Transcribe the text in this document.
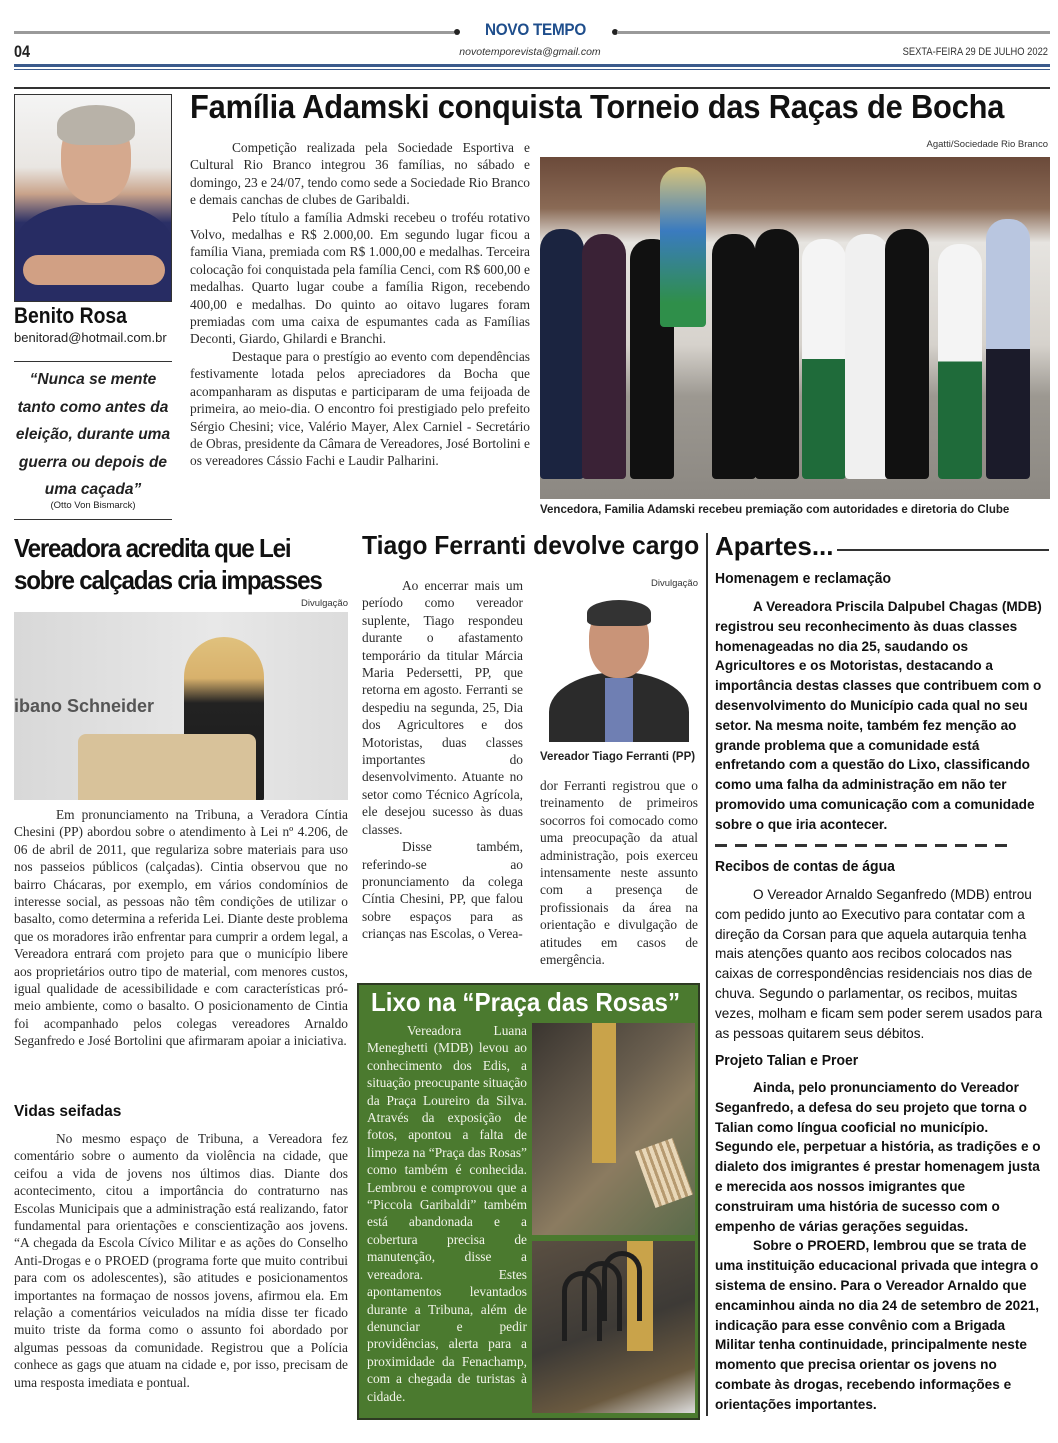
NOVO TEMPO
04	novotemporevista@gmail.com	SEXTA-FEIRA 29 DE JULHO 2022
Benito Rosa
benitorad@hotmail.com.br
“Nunca se mente tanto como antes da eleição, durante uma guerra ou depois de uma caçada”
(Otto Von Bismarck)
Família Adamski conquista Torneio das Raças de Bocha

Competição realizada pela Sociedade Esportiva e Cultural Rio Branco integrou 36 famílias, no sábado e domingo, 23 e 24/07, tendo como sede a Sociedade Rio Branco e demais canchas de clubes de Garibaldi.

Pelo título a família Admski recebeu o troféu rotativo Volvo, medalhas e R$ 2.000,00. Em segundo lugar ficou a família Viana, premiada com R$ 1.000,00 e medalhas. Terceira colocação foi conquistada pela família Cenci, com R$ 600,00 e medalhas. Quarto lugar coube a família Rigon, recebendo 400,00 e medalhas. Do quinto ao oitavo lugares foram premiadas com uma caixa de espumantes cada as Famílias Deconti, Giardo, Ghilardi e Branchi.

Destaque para o prestígio ao evento com dependências festivamente lotada pelos apreciadores da Bocha que acompanharam as disputas e participaram de uma feijoada de primeira, ao meio-dia. O encontro foi prestigiado pelo prefeito Sérgio Chesini; vice, Valério Mayer, Alex Carniel - Secretário de Obras, presidente da Câmara de Vereadores, José Bortolini e os vereadores Cássio Fachi e Laudir Palharini.

Agatti/Sociedade Rio Branco
Vencedora, Familia Adamski recebeu premiação com autoridades e diretoria do Clube
Vereadora acredita que Lei sobre calçadas cria impasses
Divulgação
ibano Schneider

Em pronunciamento na Tribuna, a Veradora Cíntia Chesini (PP) abordou sobre o atendimento à Lei nº 4.206, de 06 de abril de 2011, que regulariza sobre materiais para uso nos passeios públicos (calçadas). Cintia observou que no bairro Chácaras, por exemplo, em vários condomínios de interesse social, as pessoas não têm condições de utilizar o basalto, como determina a referida Lei. Diante deste problema que os moradores irão enfrentar para cumprir a ordem legal, a Vereadora entrará com projeto para que o município libere aos proprietários outro tipo de material, com menores custos, igual qualidade de acessibilidade e com características pró-meio ambiente, como o basalto. O posicionamento de Cintia foi acompanhado pelos colegas vereadores Arnaldo Seganfredo e José Bortolini que afirmaram apoiar a iniciativa.

Vidas seifadas

No mesmo espaço de Tribuna, a Vereadora fez comentário sobre o aumento da violência na cidade, que ceifou a vida de jovens nos últimos dias. Diante dos acontecimento, citou a importância do contraturno nas Escolas Municipais que a administração está realizando, fator fundamental para orientações e conscientização aos jovens. “A chegada da Escola Cívico Militar e as ações do Conselho Anti-Drogas e o PROED (programa forte que muito contribui para com os adolescentes), são atitudes e posicionamentos importantes na formaçao de nossos jovens, afirmou ela. Em relação a comentários veiculados na mídia disse ter ficado muito triste da forma como o assunto foi abordado por algumas pessoas da comunidade. Registrou que a Polícia conhece as gags que atuam na cidade e, por isso, precisam de uma resposta imediata e pontual.

Tiago Ferranti devolve cargo

Ao encerrar mais um período como vereador suplente, Tiago respondeu durante o afastamento temporário da titular Márcia Maria Pedersetti, PP, que retorna em agosto. Ferranti se despediu na segunda, 25, Dia dos Agricultores e dos Motoristas, duas classes importantes do desenvolvimento. Atuante no setor como Técnico Agrícola, ele desejou sucesso às duas classes.

Disse também, referindo-se ao pronunciamento da colega Cíntia Chesini, PP, que falou sobre espaços para as crianças nas Escolas, o Verea-

Divulgação
Vereador Tiago Ferranti (PP)
dor Ferranti registrou que o treinamento de primeiros socorros foi comocado como uma preocupação da atual administração, pois exerceu intensamente neste assunto com a presença de profissionais da área na orientação e divulgação de atitudes em casos de emergência.
Lixo na “Praça das Rosas”

Vereadora Luana Meneghetti (MDB) levou ao conhecimento dos Edis, a situação preocupante situação da Praça Loureiro da Silva. Através da exposição de fotos, apontou a falta de limpeza na “Praça das Rosas” como também é conhecida. Lembrou e comprovou que a “Piccola Garibaldi” também está abandonada e a cobertura precisa de manutenção, disse a vereadora. Estes apontamentos levantados durante a Tribuna, além de denunciar e pedir providências, alerta para a proximidade da Fenachamp, com a chegada de turistas à cidade.

Apartes...
Homenagem e reclamação

A Vereadora Priscila Dalpubel Chagas (MDB) registrou seu reconhecimento às duas classes homenageadas no dia 25, saudando os Agricultores e os Motoristas, destacando a importância destas classes que contribuem com o desenvolvimento do Município cada qual no seu setor. Na mesma noite, também fez menção ao grande problema que a comunidade está enfretando com a questão do Lixo, classificando como uma falha da administração em não ter promovido uma comunicação com a comunidade sobre o que iria acontecer.

Recibos de contas de água

O Vereador Arnaldo Seganfredo (MDB) entrou com pedido junto ao Executivo para contatar com a direção da Corsan para que aquela autarquia tenha mais atenções quanto aos recibos colocados nas caixas de correspondências residenciais nos dias de chuva. Segundo o parlamentar, os recibos, muitas vezes, molham e ficam sem poder serem usados para as pessoas quitarem seus débitos.

Projeto Talian e Proer

Ainda, pelo pronunciamento do Vereador Seganfredo, a defesa do seu projeto que torna o Talian como língua cooficial no município. Segundo ele, perpetuar a história, as tradições e o dialeto dos imigrantes é prestar homenagem justa e merecida aos nossos imigrantes que construiram uma história de sucesso com o empenho de várias gerações seguidas.

Sobre o PROERD, lembrou que se trata de uma instituição educacional privada que integra o sistema de ensino. Para o Vereador Arnaldo que encaminhou ainda no dia 24 de setembro de 2021, indicação para esse convênio com a Brigada Militar tenha continuidade, principalmente neste momento que precisa orientar os jovens no combate às drogas, recebendo informações e orientações importantes.
